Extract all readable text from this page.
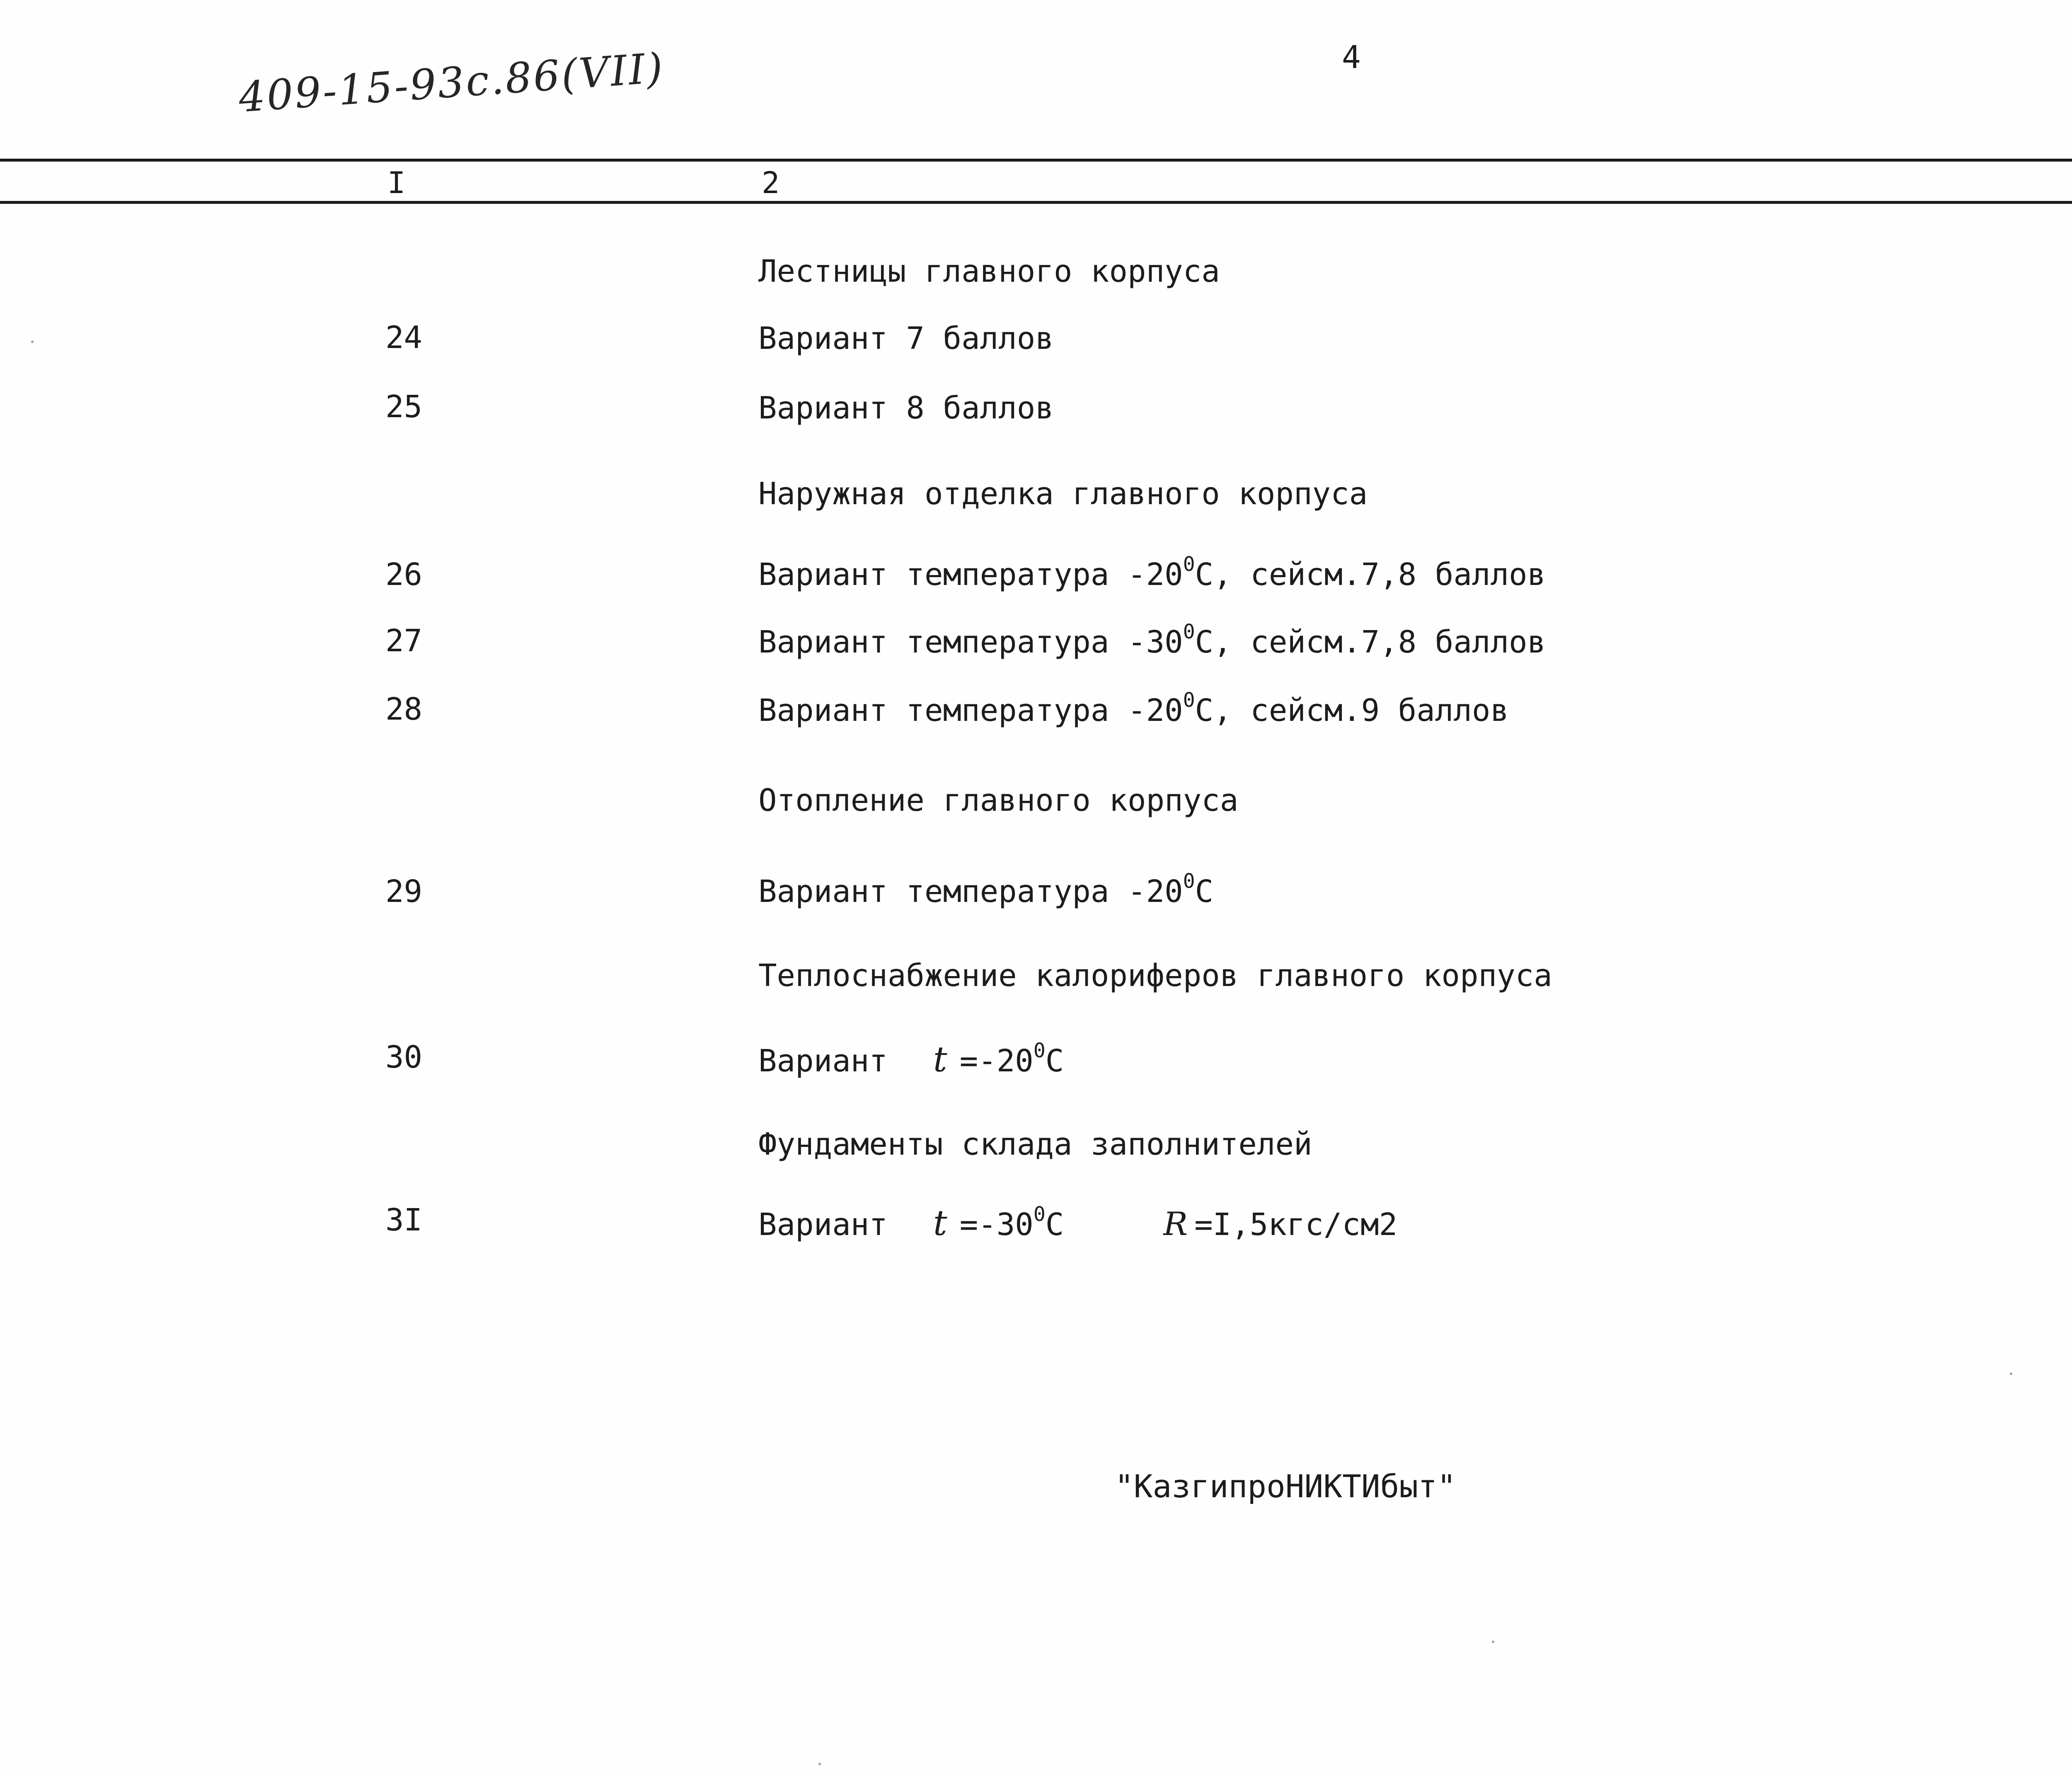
409-15-93с.86(VII)	4
I	2
Лестницы главного корпуса
24	Вариант 7 баллов
25	Вариант 8 баллов
Наружная отделка главного корпуса
26	Вариант температура $-20^0С$, сейсм.7,8 баллов
27	Вариант температура $-30^0С$, сейсм.7,8 баллов
28	Вариант температура $-20^0С$, сейсм.9 баллов
Отопление главного корпуса
29	Вариант температура $-20^0С$
Теплоснабжение калориферов главного корпуса
30	Вариант $t =-20^0С$
Фундаменты склада заполнителей
3I	Вариант $t =-30^0С$	R =I,5кгс/см2
"КазгипроНИКТИбыт"
